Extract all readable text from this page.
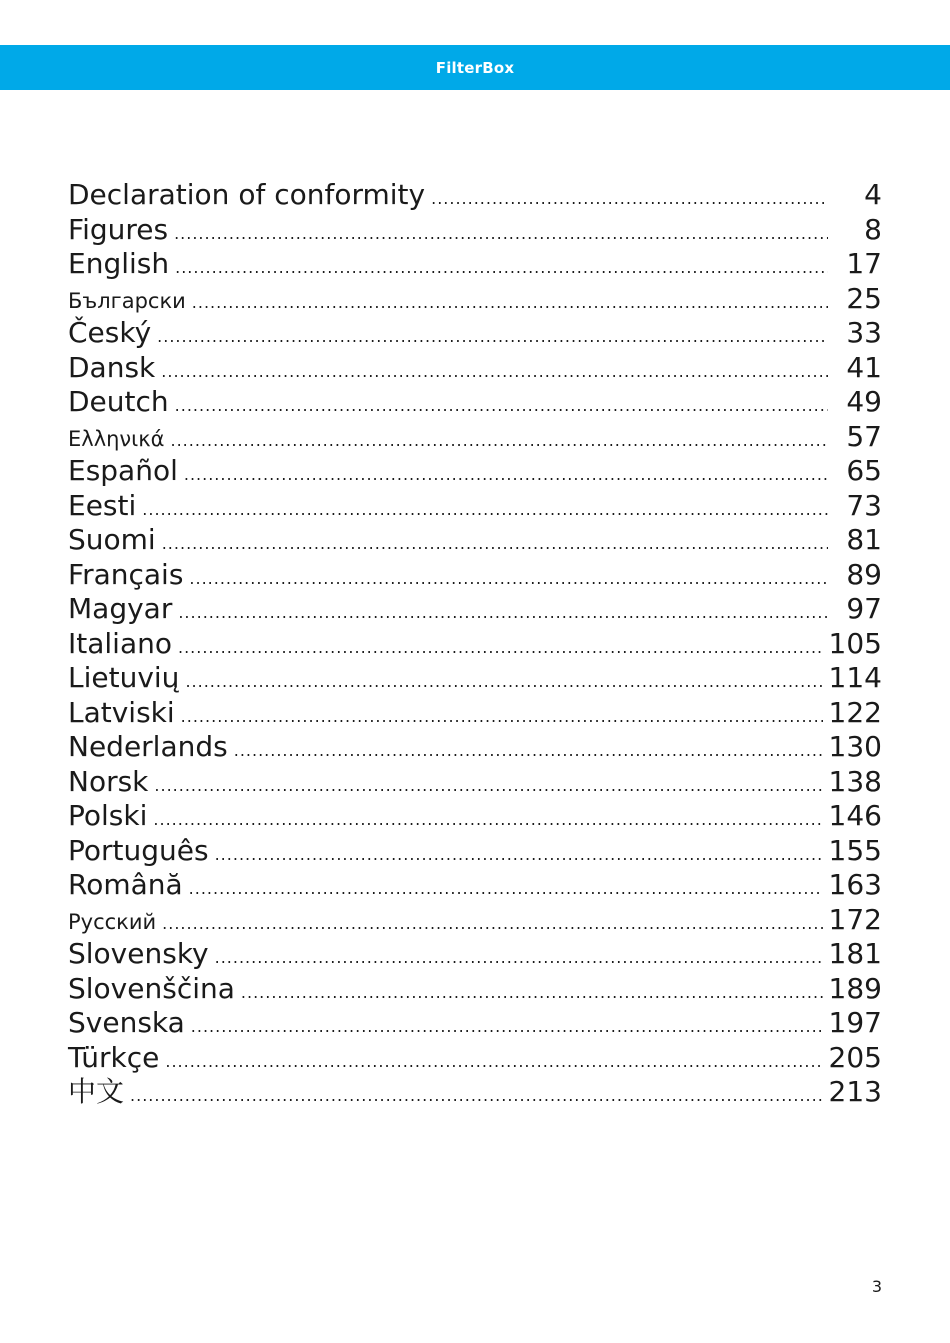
FilterBox
Declaration of conformity .....	4
Figures .....	8
English .....	17
Български .....	25
Český .....	33
Dansk .....	41
Deutch .....	49
Ελληνικά .....	57
Español .....	65
Eesti .....	73
Suomi .....	81
Français .....	89
Magyar .....	97
Italiano .....	105
Lietuvių .....	114
Latviski .....	122
Nederlands .....	130
Norsk .....	138
Polski .....	146
Português .....	155
Română .....	163
Русский .....	172
Slovensky .....	181
Slovenščina .....	189
Svenska .....	197
Türkçe .....	205
中文 .....	213
3
